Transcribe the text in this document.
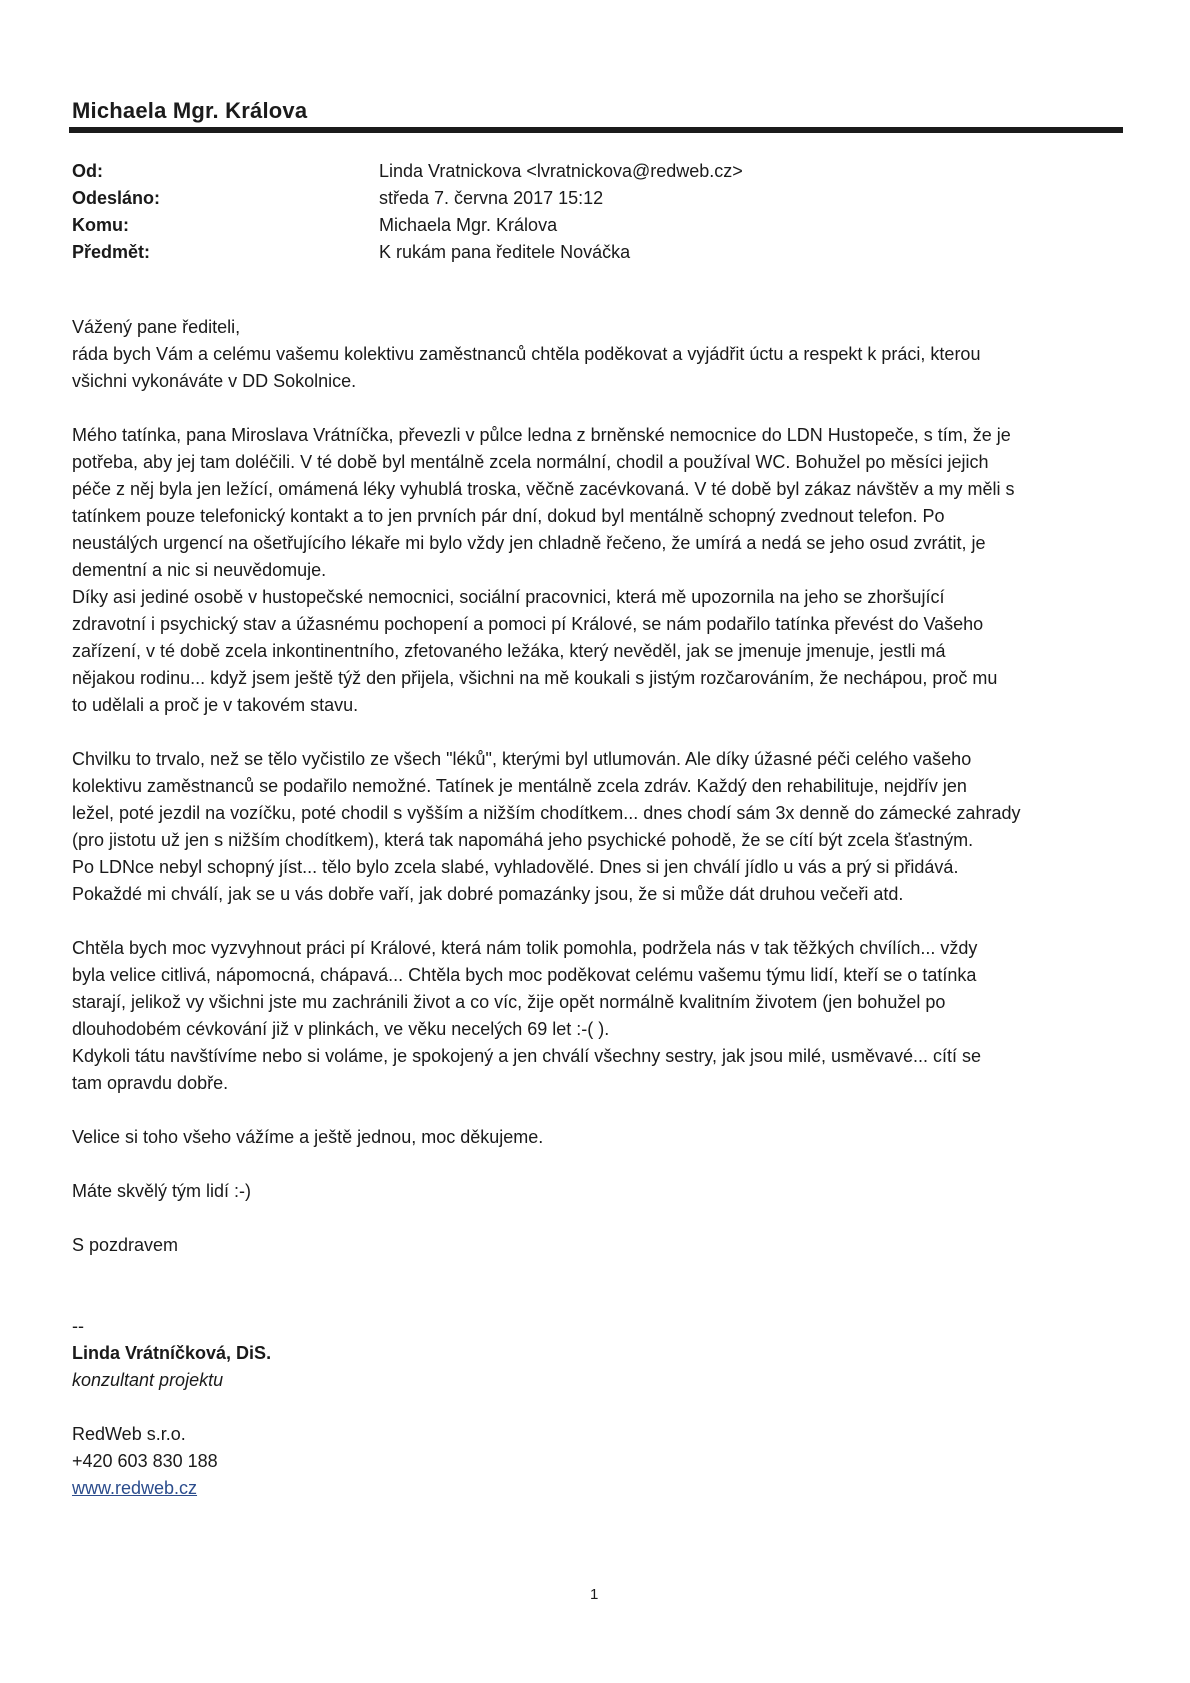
Michaela Mgr. Králova
Od:	Linda Vratnickova <lvratnickova@redweb.cz>
Odesláno:	středa 7. června 2017 15:12
Komu:	Michaela Mgr. Králova
Předmět:	K rukám pana ředitele Nováčka
Vážený pane řediteli,
ráda bych Vám a celému vašemu kolektivu zaměstnanců chtěla poděkovat a vyjádřit úctu a respekt k práci, kterou
všichni vykonáváte v DD Sokolnice.
Mého tatínka, pana Miroslava Vrátníčka, převezli v půlce ledna z brněnské nemocnice do LDN Hustopeče, s tím, že je
potřeba, aby jej tam doléčili. V té době byl mentálně zcela normální, chodil a používal WC. Bohužel po měsíci jejich
péče z něj byla jen ležící, omámená léky vyhublá troska, věčně zacévkovaná. V té době byl zákaz návštěv a my měli s
tatínkem pouze telefonický kontakt a to jen prvních pár dní, dokud byl mentálně schopný zvednout telefon. Po
neustálých urgencí na ošetřujícího lékaře mi bylo vždy jen chladně řečeno, že umírá a nedá se jeho osud zvrátit, je
dementní a nic si neuvědomuje.
Díky asi jediné osobě v hustopečské nemocnici, sociální pracovnici, která mě upozornila na jeho se zhoršující
zdravotní i psychický stav a úžasnému pochopení a pomoci pí Králové, se nám podařilo tatínka převést do Vašeho
zařízení, v té době zcela inkontinentního, zfetovaného ležáka, který nevěděl, jak se jmenuje jmenuje, jestli má
nějakou rodinu... když jsem ještě týž den přijela, všichni na mě koukali s jistým rozčarováním, že nechápou, proč mu
to udělali a proč je v takovém stavu.
Chvilku to trvalo, než se tělo vyčistilo ze všech "léků", kterými byl utlumován. Ale díky úžasné péči celého vašeho
kolektivu zaměstnanců se podařilo nemožné. Tatínek je mentálně zcela zdráv. Každý den rehabilituje, nejdřív jen
ležel, poté jezdil na vozíčku, poté chodil s vyšším a nižším chodítkem... dnes chodí sám 3x denně do zámecké zahrady
(pro jistotu už jen s nižším chodítkem), která tak napomáhá jeho psychické pohodě, že se cítí být zcela šťastným.
Po LDNce nebyl schopný jíst... tělo bylo zcela slabé, vyhladovělé. Dnes si jen chválí jídlo u vás a prý si přidává.
Pokaždé mi chválí, jak se u vás dobře vaří, jak dobré pomazánky jsou, že si může dát druhou večeři atd.
Chtěla bych moc vyzvyhnout práci pí Králové, která nám tolik pomohla, podržela nás v tak těžkých chvílích... vždy
byla velice citlivá, nápomocná, chápavá... Chtěla bych moc poděkovat celému vašemu týmu lidí, kteří se o tatínka
starají, jelikož vy všichni jste mu zachránili život a co víc, žije opět normálně kvalitním životem (jen bohužel po
dlouhodobém cévkování již v plinkách, ve věku necelých 69 let :-( ).
Kdykoli tátu navštívíme nebo si voláme, je spokojený a jen chválí všechny sestry, jak jsou milé, usměvavé... cítí se
tam opravdu dobře.
Velice si toho všeho vážíme a ještě jednou, moc děkujeme.
Máte skvělý tým lidí :-)
S pozdravem
--
Linda Vrátníčková, DiS.
konzultant projektu
RedWeb s.r.o.
+420 603 830 188
www.redweb.cz
1
